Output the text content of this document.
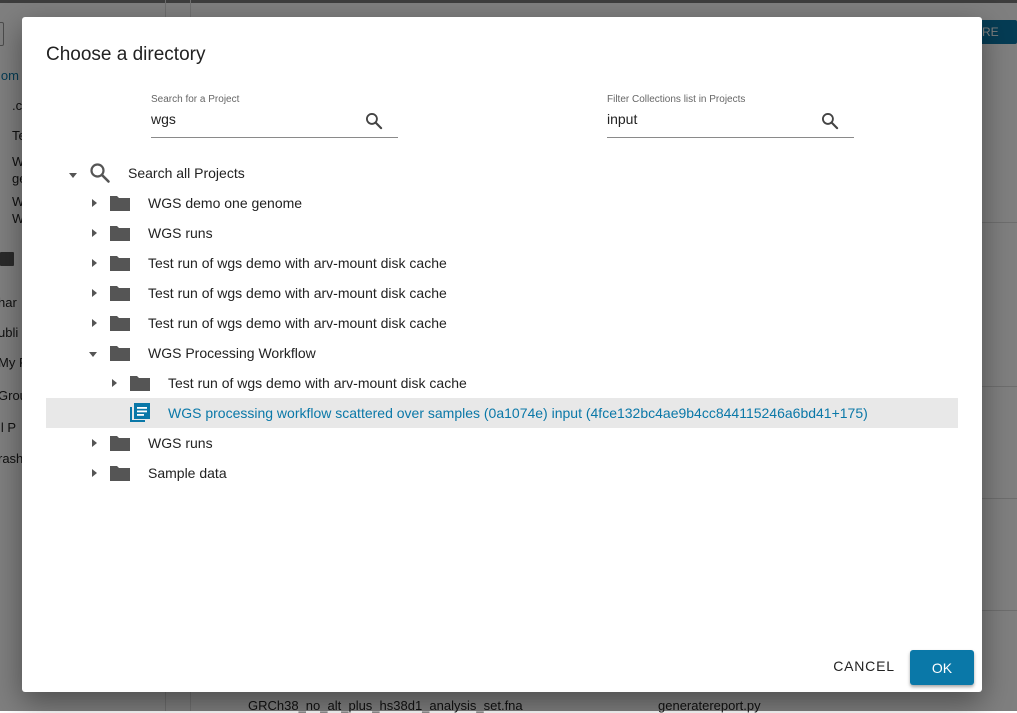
Choose a directory
Search for a Project
wgs	Filter Collections list in Projects
input
Search all Projects
WGS demo one genome
WGS runs
Test run of wgs demo with arv-mount disk cache
Test run of wgs demo with arv-mount disk cache
Test run of wgs demo with arv-mount disk cache
WGS Processing Workflow
Test run of wgs demo with arv-mount disk cache
WGS processing workflow scattered over samples (0a1074e) input (4fce132bc4ae9b4cc844115246a6bd41+175)
WGS runs
Sample data
CANCEL	OK
